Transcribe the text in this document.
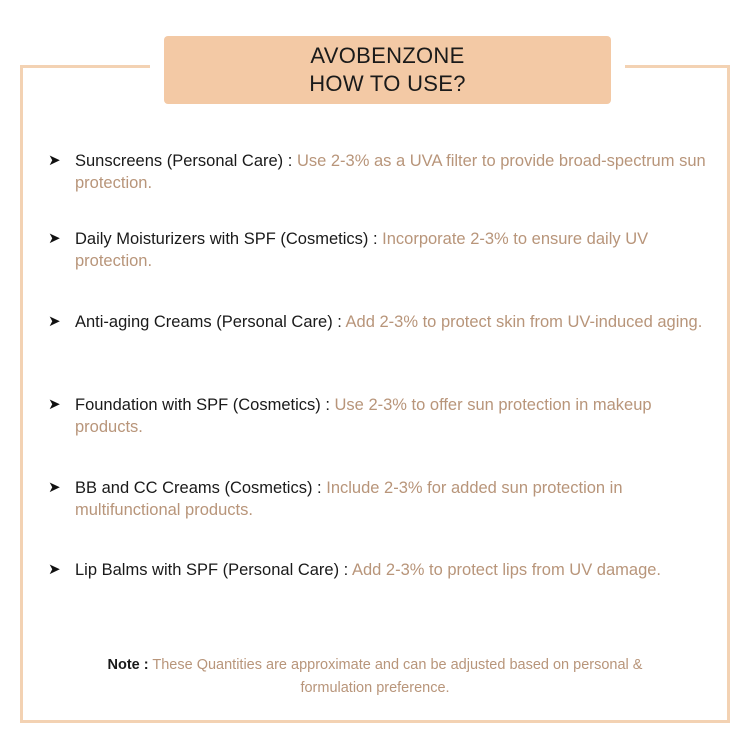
AVOBENZONE
HOW TO USE?
➤ Sunscreens (Personal Care) : Use 2-3% as a UVA filter to provide broad-spectrum sun protection.
➤ Daily Moisturizers with SPF (Cosmetics) : Incorporate 2-3% to ensure daily UV protection.
➤ Anti-aging Creams (Personal Care) : Add 2-3% to protect skin from UV-induced aging.
➤ Foundation with SPF (Cosmetics) : Use 2-3% to offer sun protection in makeup products.
➤ BB and CC Creams (Cosmetics) : Include 2-3% for added sun protection in multifunctional products.
➤ Lip Balms with SPF (Personal Care) : Add 2-3% to protect lips from UV damage.
Note : These Quantities are approximate and can be adjusted based on personal & formulation preference.
